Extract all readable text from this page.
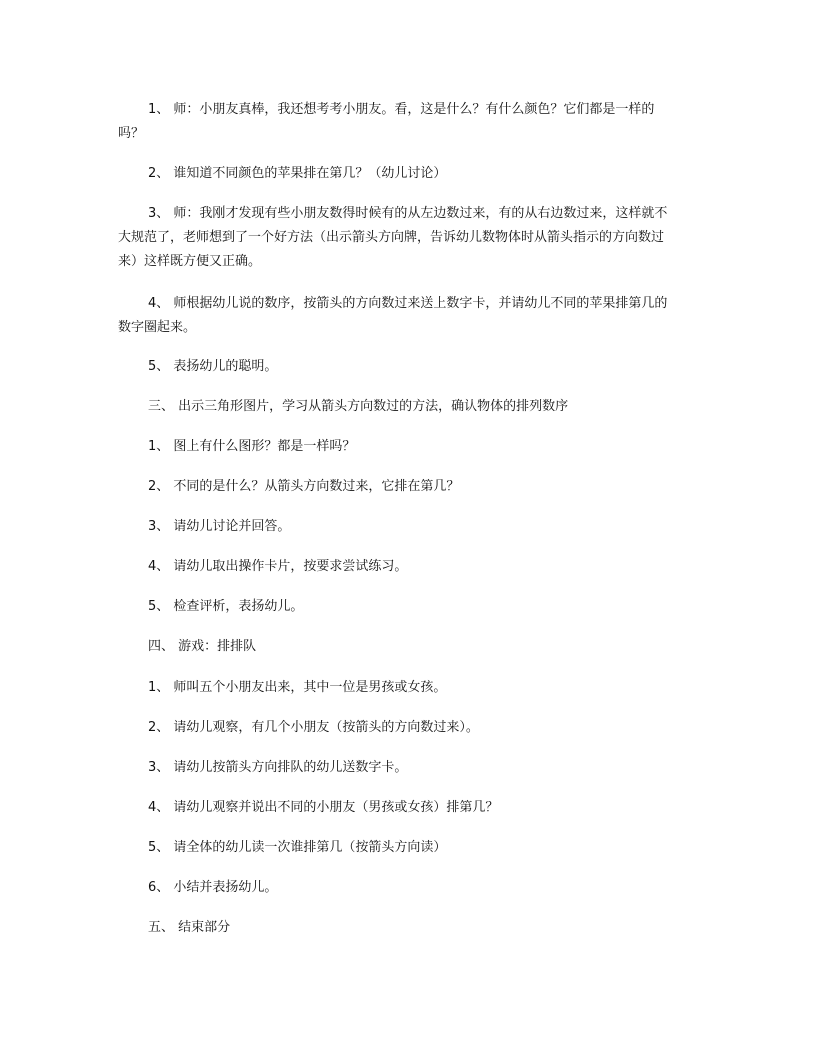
1、 师：小朋友真棒，我还想考考小朋友。看，这是什么？有什么颜色？它们都是一样的吗？

2、 谁知道不同颜色的苹果排在第几？（幼儿讨论）

3、 师：我刚才发现有些小朋友数得时候有的从左边数过来，有的从右边数过来，这样就不大规范了，老师想到了一个好方法（出示箭头方向牌，告诉幼儿数物体时从箭头指示的方向数过来）这样既方便又正确。

4、 师根据幼儿说的数序，按箭头的方向数过来送上数字卡，并请幼儿不同的苹果排第几的数字圈起来。

5、 表扬幼儿的聪明。

三、 出示三角形图片，学习从箭头方向数过的方法，确认物体的排列数序

1、 图上有什么图形？都是一样吗？

2、 不同的是什么？从箭头方向数过来，它排在第几？

3、 请幼儿讨论并回答。

4、 请幼儿取出操作卡片，按要求尝试练习。

5、 检查评析，表扬幼儿。

四、 游戏：排排队

1、 师叫五个小朋友出来，其中一位是男孩或女孩。

2、 请幼儿观察，有几个小朋友（按箭头的方向数过来）。

3、 请幼儿按箭头方向排队的幼儿送数字卡。

4、 请幼儿观察并说出不同的小朋友（男孩或女孩）排第几？

5、 请全体的幼儿读一次谁排第几（按箭头方向读）

6、 小结并表扬幼儿。

五、 结束部分
